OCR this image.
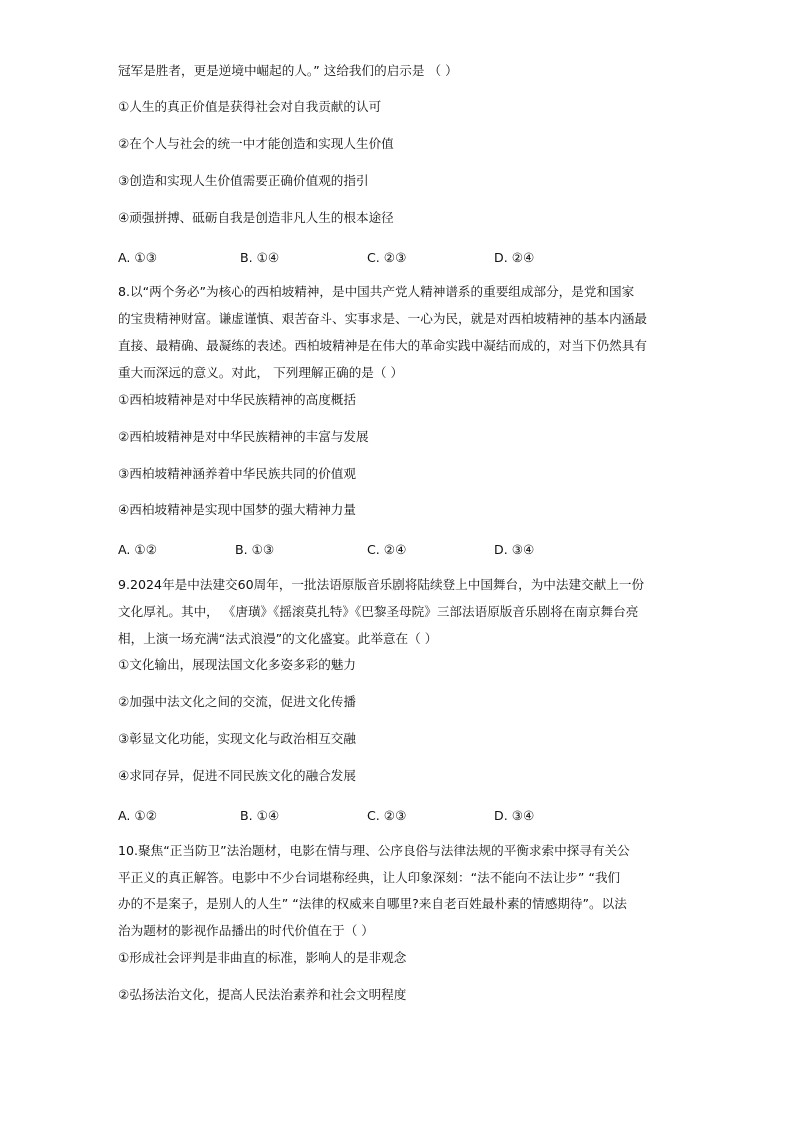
冠军是胜者，更是逆境中崛起的人。” 这给我们的启示是 （ ）
①人生的真正价值是获得社会对自我贡献的认可
②在个人与社会的统一中才能创造和实现人生价值
③创造和实现人生价值需要正确价值观的指引
④顽强拼搏、砥砺自我是创造非凡人生的根本途径
A. ①③	B. ①④	C. ②③	D. ②④
8.以“两个务必”为核心的西柏坡精神，是中国共产党人精神谱系的重要组成部分，是党和国家
的宝贵精神财富。谦虚谨慎、艰苦奋斗、实事求是、一心为民，就是对西柏坡精神的基本内涵最
直接、最精确、最凝练的表述。西柏坡精神是在伟大的革命实践中凝结而成的，对当下仍然具有
重大而深远的意义。对此， 下列理解正确的是（ ）
①西柏坡精神是对中华民族精神的高度概括
②西柏坡精神是对中华民族精神的丰富与发展
③西柏坡精神涵养着中华民族共同的价值观
④西柏坡精神是实现中国梦的强大精神力量
A. ①②	B. ①③	C. ②④	D. ③④
9.2024年是中法建交60周年，一批法语原版音乐剧将陆续登上中国舞台，为中法建交献上一份
文化厚礼。其中， 《唐璜》《摇滚莫扎特》《巴黎圣母院》三部法语原版音乐剧将在南京舞台亮
相，上演一场充满“法式浪漫”的文化盛宴。此举意在（ ）
①文化输出，展现法国文化多姿多彩的魅力
②加强中法文化之间的交流，促进文化传播
③彰显文化功能，实现文化与政治相互交融
④求同存异，促进不同民族文化的融合发展
A. ①②	B. ①④	C. ②③	D. ③④
10.聚焦“正当防卫”法治题材，电影在情与理、公序良俗与法律法规的平衡求索中探寻有关公
平正义的真正解答。电影中不少台词堪称经典，让人印象深刻：“法不能向不法让步” “我们
办的不是案子，是别人的人生” “法律的权威来自哪里?来自老百姓最朴素的情感期待”。以法
治为题材的影视作品播出的时代价值在于（ ）
①形成社会评判是非曲直的标准，影响人的是非观念
②弘扬法治文化，提高人民法治素养和社会文明程度
